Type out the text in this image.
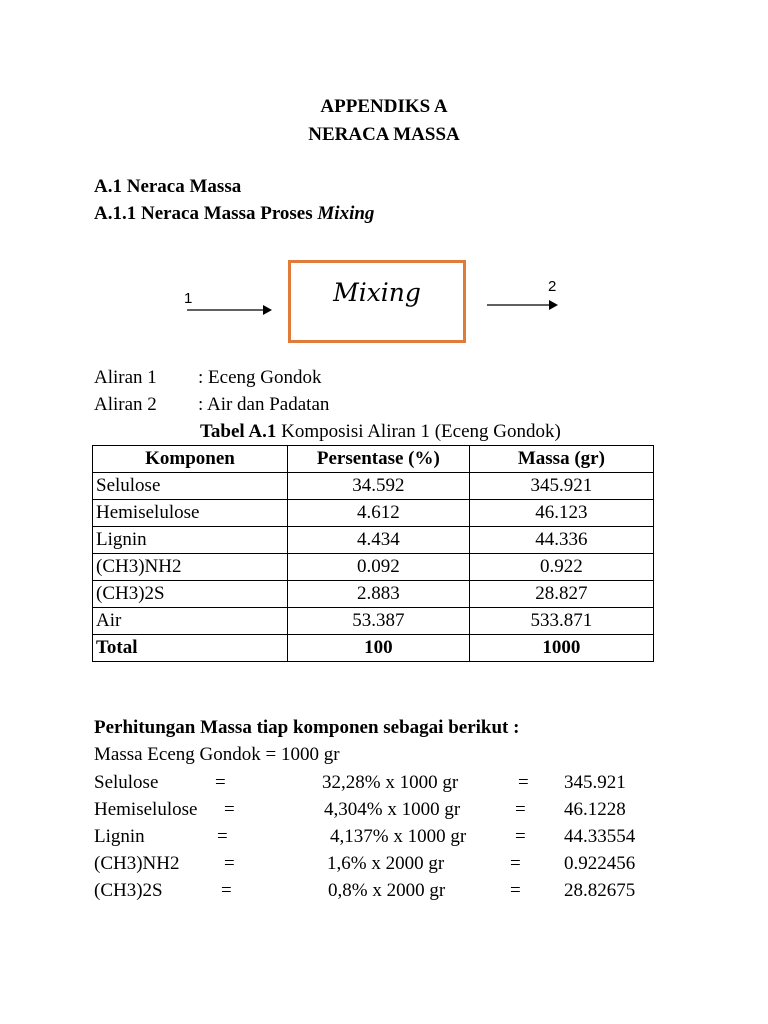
APPENDIKS A
NERACA MASSA
A.1 Neraca Massa
A.1.1 Neraca Massa Proses Mixing
1
2
Mixing
Aliran 1 : Eceng Gondok
Aliran 2 : Air dan Padatan
Tabel A.1 Komposisi Aliran 1 (Eceng Gondok)
Komponen	Persentase (%)	Massa (gr)
Selulose	34.592	345.921
Hemiselulose	4.612	46.123
Lignin	4.434	44.336
(CH3)NH2	0.092	0.922
(CH3)2S	2.883	28.827
Air	53.387	533.871
Total	100	1000
Perhitungan Massa tiap komponen sebagai berikut :
Massa Eceng Gondok = 1000 gr
Selulose	=	32,28% x 1000 gr	= 345.921
Hemiselulose =	4,304% x 1000 gr	= 46.1228
Lignin	=	4,137% x 1000 gr	= 44.33554
(CH3)NH2 =	1,6% x 2000 gr	= 0.922456
(CH3)2S	=	0,8% x 2000 gr	= 28.82675
